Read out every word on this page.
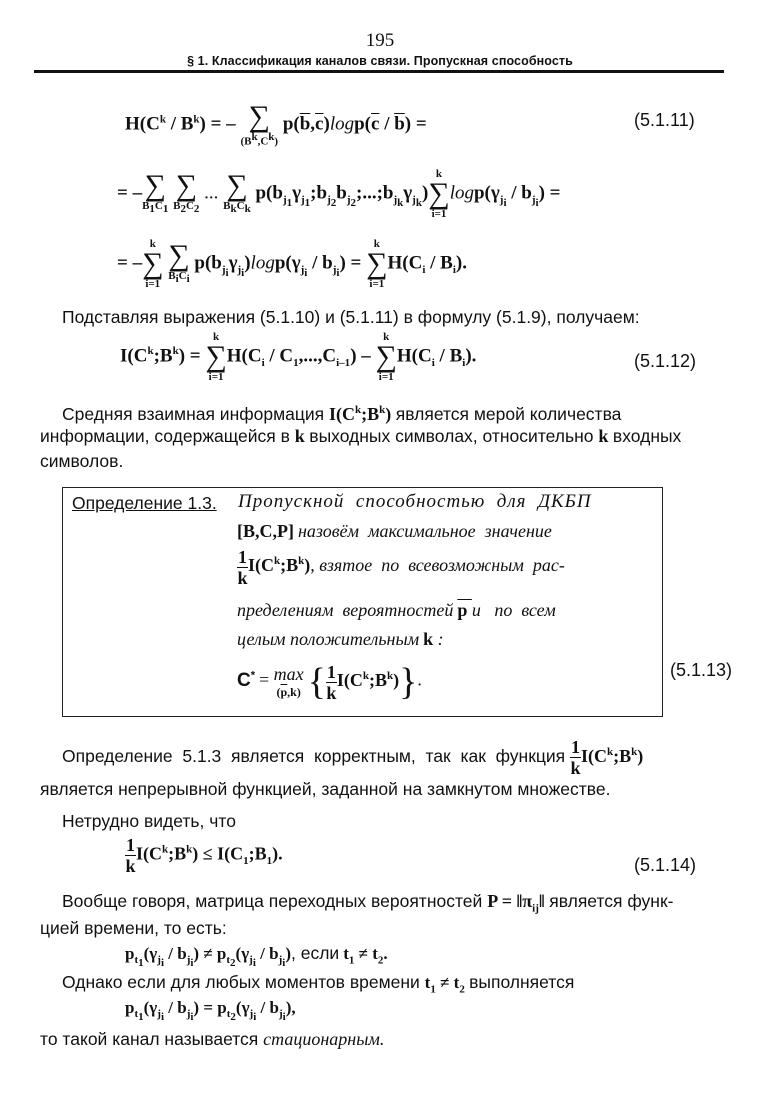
195
§ 1. Классификация каналов связи. Пропускная способность
$H(C^k / B^k)$ = – ∑
$(B^k,C^k)$
$p(\overline{b},\overline{c})\log p(\overline{c} / \overline{b})$ =	(5.1.11)
= – ∑
$B_1C_1$

∑
$B_2C_2$
... ∑
$B_kC_k$
$p(b_{j_1}\gamma_{j_1};b_{j_2}b_{j_2};...;b_{j_k}\gamma_{j_k})$
k
∑
i=1
$\log p(\gamma_{j_i} / b_{j_i})$ =
= –
k
∑
i=1

∑
$B_iC_i$
$p(b_{j_i}\gamma_{j_i})\log p(\gamma_{j_i} / b_{j_i})$ =
k
∑
i=1
$H(C_i / B_i)$.
Подставляя выражения (5.1.10) и (5.1.11) в формулу (5.1.9), получаем:
$I(C^k;B^k)$ =
k
∑
i=1
$H(C_i / C_1,...,C_{i-1})$ –
k
∑
i=1
$H(C_i / B_i)$.	(5.1.12)
Средняя взаимная информация $I(C^k;B^k)$ является мерой количества
информации, содержащейся в k выходных символах, относительно k входных
символов.
Определение 1.3. Пропускной  способностью  для  ДКБП
[B,C,P] назовём  максимальное  значение
$\frac{1}{k}$ $I(C^k;B^k)$, взятое  по  всевозможным  рас-
пределениям  вероятностей p и   по  всем
целым положительным k :
C* = max
$(\overline{p},k)$ { $\frac{1}{k}$ $I(C^k;B^k)$}.	(5.1.13)
Определение  5.1.3  является  корректным,  так  как  функция $\frac{1}{k}$ $I(C^k;B^k)$
является непрерывной функцией, заданной на замкнутом множестве.
Нетрудно видеть, что
$\frac{1}{k}$ $I(C^k;B^k)$ ≤ $I(C_1;B_1)$.
(5.1.14)
Вообще говоря, матрица переходных вероятностей $P = ‖\pi_{ij}‖$ является функ-
цией времени, то есть:
$p_{t_1}(\gamma_{j_i} / b_{j_i}) \ne p_{t_2}(\gamma_{j_i} / b_{j_i})$, если $t_1 \ne t_2$.
Однако если для любых моментов времени $t_1 \ne t_2$ выполняется
$p_{t_1}(\gamma_{j_i} / b_{j_i}) = p_{t_2}(\gamma_{j_i} / b_{j_i})$,
то такой канал называется стационарным.
